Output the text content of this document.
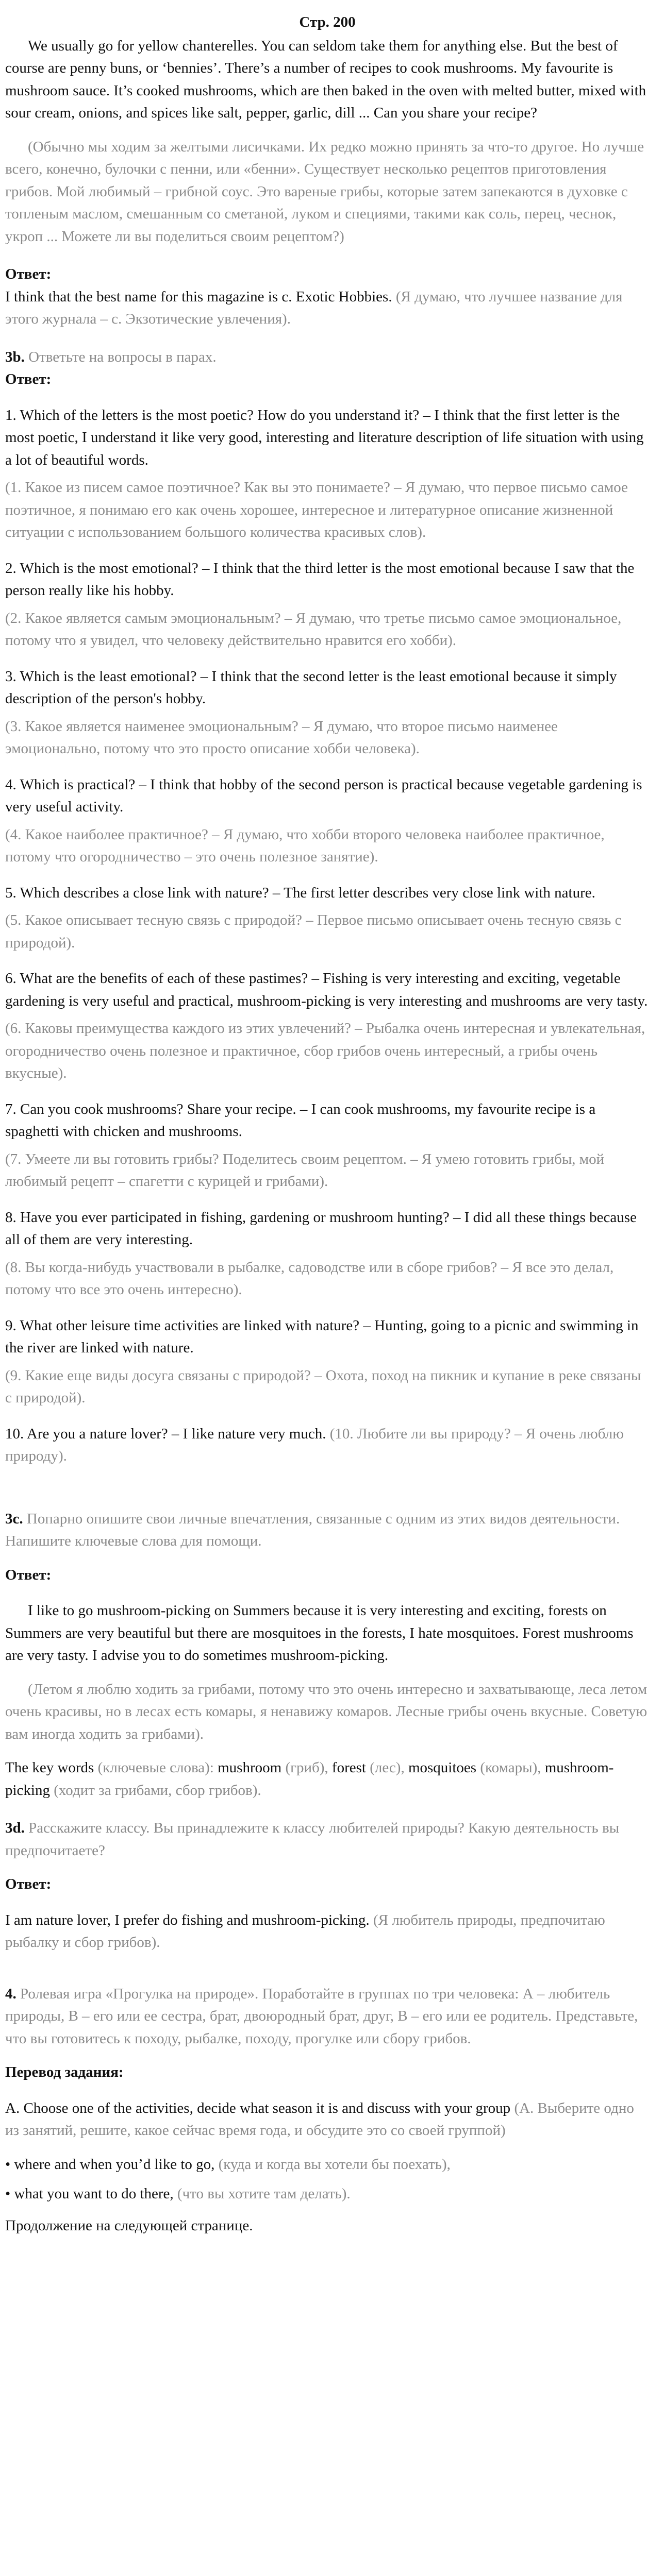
Стр. 200

We usually go for yellow chanterelles. You can seldom take them for anything else. But the best of course are penny buns, or ‘bennies’. There’s a number of recipes to cook mushrooms. My favourite is mushroom sauce. It’s cooked mushrooms, which are then baked in the oven with melted butter, mixed with sour cream, onions, and spices like salt, pepper, garlic, dill ... Can you share your recipe?

(Обычно мы ходим за желтыми лисичками. Их редко можно принять за что-то другое. Но лучше всего, конечно, булочки с пенни, или «бенни». Существует несколько рецептов приготовления грибов. Мой любимый – грибной соус. Это вареные грибы, которые затем запекаются в духовке с топленым маслом, смешанным со сметаной, луком и специями, такими как соль, перец, чеснок, укроп ... Можете ли вы поделиться своим рецептом?)

Ответ:

I think that the best name for this magazine is c. Exotic Hobbies. (Я думаю, что лучшее название для этого журнала – с. Экзотические увлечения).

3b. Ответьте на вопросы в парах.
Ответ:
1. Which of the letters is the most poetic? How do you understand it? – I think that the first letter is the most poetic, I understand it like very good, interesting and literature description of life situation with using a lot of beautiful words.
(1. Какое из писем самое поэтичное? Как вы это понимаете? – Я думаю, что первое письмо самое поэтичное, я понимаю его как очень хорошее, интересное и литературное описание жизненной ситуации с использованием большого количества красивых слов).
2. Which is the most emotional? – I think that the third letter is the most emotional because I saw that the person really like his hobby.
(2. Какое является самым эмоциональным? – Я думаю, что третье письмо самое эмоциональное, потому что я увидел, что человеку действительно нравится его хобби).
3. Which is the least emotional? – I think that the second letter is the least emotional because it simply description of the person's hobby.
(3. Какое является наименее эмоциональным? – Я думаю, что второе письмо наименее эмоционально, потому что это просто описание хобби человека).
4. Which is practical? – I think that hobby of the second person is practical because vegetable gardening is very useful activity.
(4. Какое наиболее практичное? – Я думаю, что хобби второго человека наиболее практичное, потому что огородничество – это очень полезное занятие).
5. Which describes a close link with nature? – The first letter describes very close link with nature.
(5. Какое описывает тесную связь с природой? – Первое письмо описывает очень тесную связь с природой).
6. What are the benefits of each of these pastimes? – Fishing is very interesting and exciting, vegetable gardening is very useful and practical, mushroom-picking is very interesting and mushrooms are very tasty.
(6. Каковы преимущества каждого из этих увлечений? – Рыбалка очень интересная и увлекательная, огородничество очень полезное и практичное, сбор грибов очень интересный, а грибы очень вкусные).
7. Can you cook mushrooms? Share your recipe. – I can cook mushrooms, my favourite recipe is a spaghetti with chicken and mushrooms.
(7. Умеете ли вы готовить грибы? Поделитесь своим рецептом. – Я умею готовить грибы, мой любимый рецепт – спагетти с курицей и грибами).
8. Have you ever participated in fishing, gardening or mushroom hunting? – I did all these things because all of them are very interesting.
(8. Вы когда-нибудь участвовали в рыбалке, садоводстве или в сборе грибов? – Я все это делал, потому что все это очень интересно).
9. What other leisure time activities are linked with nature? – Hunting, going to a picnic and swimming in the river are linked with nature.
(9. Какие еще виды досуга связаны с природой? – Охота, поход на пикник и купание в реке связаны с природой).
10. Are you a nature lover? – I like nature very much. (10. Любите ли вы природу? – Я очень люблю природу).

3c. Попарно опишите свои личные впечатления, связанные с одним из этих видов деятельности. Напишите ключевые слова для помощи.

Ответ:

I like to go mushroom-picking on Summers because it is very interesting and exciting, forests on Summers are very beautiful but there are mosquitoes in the forests, I hate mosquitoes. Forest mushrooms are very tasty. I advise you to do sometimes mushroom-picking.

(Летом я люблю ходить за грибами, потому что это очень интересно и захватывающе, леса летом очень красивы, но в лесах есть комары, я ненавижу комаров. Лесные грибы очень вкусные. Советую вам иногда ходить за грибами).

The key words (ключевые слова): mushroom (гриб), forest (лес), mosquitoes (комары), mushroom-picking (ходит за грибами, сбор грибов).

3d. Расскажите классу. Вы принадлежите к классу любителей природы? Какую деятельность вы предпочитаете?

Ответ:

I am nature lover, I prefer do fishing and mushroom-picking. (Я любитель природы, предпочитаю рыбалку и сбор грибов).

4. Ролевая игра «Прогулка на природе». Поработайте в группах по три человека: А – любитель природы, В – его или ее сестра, брат, двоюродный брат, друг, В – его или ее родитель. Представьте, что вы готовитесь к походу, рыбалке, походу, прогулке или сбору грибов.

Перевод задания:

A. Choose one of the activities, decide what season it is and discuss with your group (А. Выберите одно из занятий, решите, какое сейчас время года, и обсудите это со своей группой)

• where and when you’d like to go, (куда и когда вы хотели бы поехать),
• what you want to do there, (что вы хотите там делать).
Продолжение на следующей странице.
